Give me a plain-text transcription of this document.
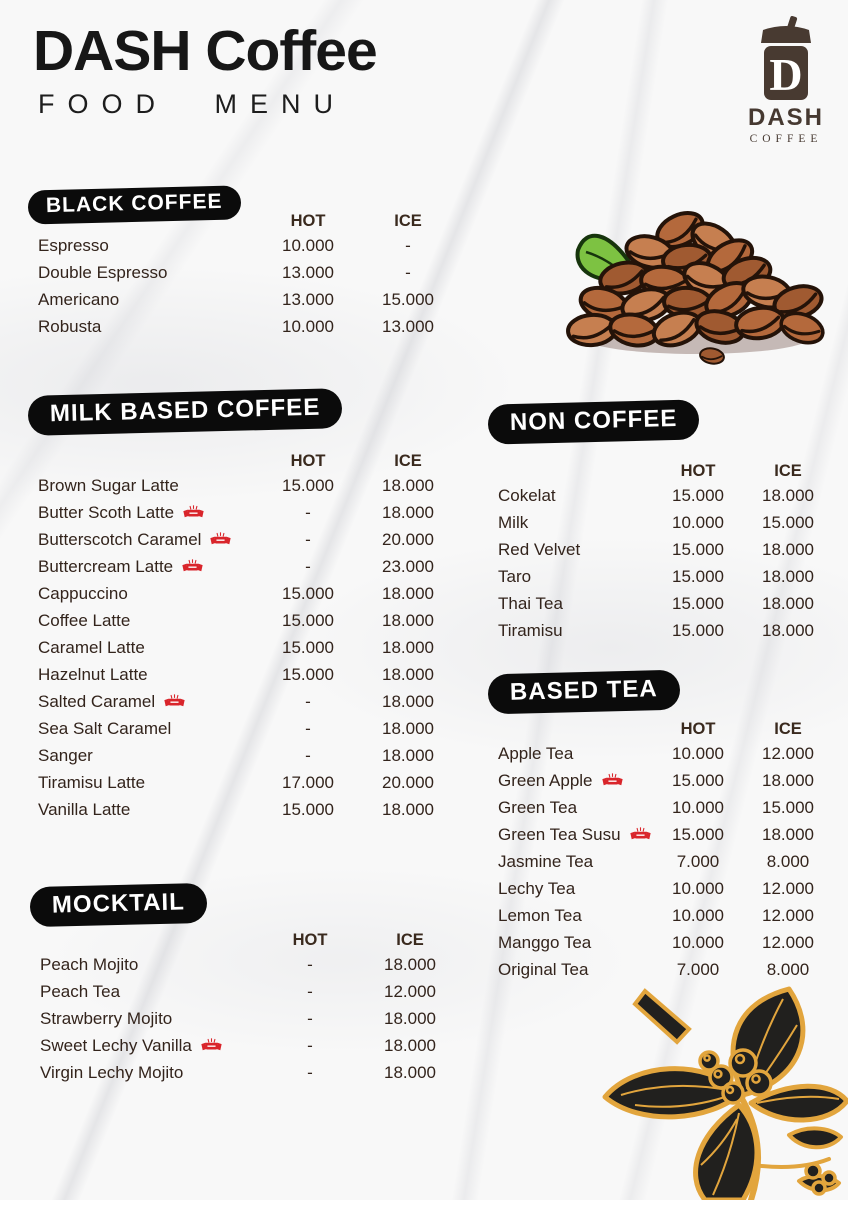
DASH Coffee
FOOD MENU
D
DASH
COFFEE
BLACK COFFEE
HOT	ICE
Espresso	10.000	-
Double Espresso	13.000	-
Americano	13.000	15.000
Robusta	10.000	13.000
MILK BASED COFFEE
HOT	ICE
Brown Sugar Latte	15.000	18.000
Butter Scoth Latte	-	18.000
Butterscotch Caramel	-	20.000
Buttercream Latte	-	23.000
Cappuccino	15.000	18.000
Coffee Latte	15.000	18.000
Caramel Latte	15.000	18.000
Hazelnut Latte	15.000	18.000
Salted Caramel	-	18.000
Sea Salt Caramel	-	18.000
Sanger	-	18.000
Tiramisu Latte	17.000	20.000
Vanilla Latte	15.000	18.000
NON COFFEE
HOT	ICE
Cokelat	15.000	18.000
Milk	10.000	15.000
Red Velvet	15.000	18.000
Taro	15.000	18.000
Thai Tea	15.000	18.000
Tiramisu	15.000	18.000
BASED TEA
HOT	ICE
Apple Tea	10.000	12.000
Green Apple	15.000	18.000
Green Tea	10.000	15.000
Green Tea Susu	15.000	18.000
Jasmine Tea	7.000	8.000
Lechy Tea	10.000	12.000
Lemon Tea	10.000	12.000
Manggo Tea	10.000	12.000
Original Tea	7.000	8.000
MOCKTAIL
HOT	ICE
Peach Mojito	-	18.000
Peach Tea	-	12.000
Strawberry Mojito	-	18.000
Sweet Lechy Vanilla	-	18.000
Virgin Lechy Mojito	-	18.000
